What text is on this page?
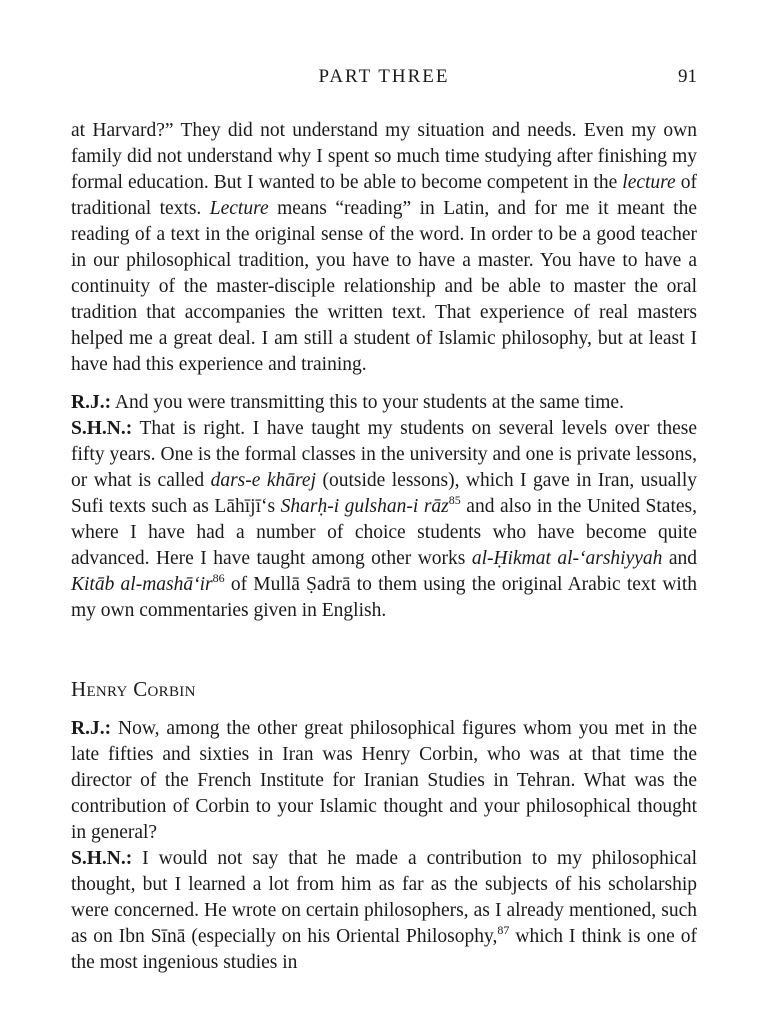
PART THREE	91

at Harvard?” They did not understand my situation and needs. Even my own family did not understand why I spent so much time studying after finishing my formal education. But I wanted to be able to become competent in the lecture of traditional texts. Lecture means “reading” in Latin, and for me it meant the reading of a text in the original sense of the word. In order to be a good teacher in our philosophical tradition, you have to have a master. You have to have a continuity of the master-disciple relationship and be able to master the oral tradition that accompanies the written text. That experience of real masters helped me a great deal. I am still a student of Islamic philosophy, but at least I have had this experience and training.

R.J.: And you were transmitting this to your students at the same time.

S.H.N.: That is right. I have taught my students on several levels over these fifty years. One is the formal classes in the university and one is private lessons, or what is called dars-e khārej (outside lessons), which I gave in Iran, usually Sufi texts such as Lāhījī‘s Sharḥ-i gulshan-i rāz$^{85}$ and also in the United States, where I have had a number of choice students who have become quite advanced. Here I have taught among other works al-Ḥikmat al-‘arshiyyah and Kitāb $al-mashā‘ir^{86}$ of Mullā Ṣadrā to them using the original Arabic text with my own commentaries given in English.

Henry Corbin

R.J.: Now, among the other great philosophical figures whom you met in the late fifties and sixties in Iran was Henry Corbin, who was at that time the director of the French Institute for Iranian Studies in Tehran. What was the contribution of Corbin to your Islamic thought and your philosophical thought in general?

S.H.N.: I would not say that he made a contribution to my philosophical thought, but I learned a lot from him as far as the subjects of his scholarship were concerned. He wrote on certain philosophers, as I already mentioned, such as on Ibn Sīnā (especially on his Oriental Philosophy,$^{87}$ which I think is one of the most ingenious studies in
